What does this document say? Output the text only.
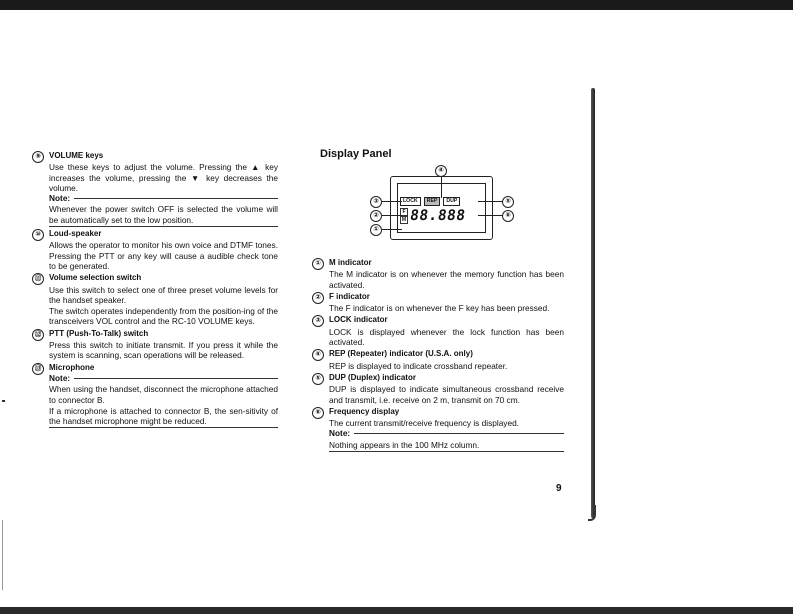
⑨	VOLUME keys
Use these keys to adjust the volume. Pressing the ▲ key increases the volume, pressing the ▼ key decreases the volume.
Note:
Whenever the power switch OFF is selected the volume will be automatically set to the low position.
⑩	Loud-speaker
Allows the operator to monitor his own voice and DTMF tones. Pressing the PTT or any key will cause a audible check tone to be generated.
⑪ Volume selection switch
Use this switch to select one of three preset volume levels for the handset speaker.
The switch operates independently from the position-ing of the transceivers VOL control and the RC-10 VOLUME keys.
⑫ PTT (Push-To-Talk) switch
Press this switch to initiate transmit. If you press it while the system is scanning, scan operations will be released.
⑬ Microphone
Note:
When using the handset, disconnect the microphone attached to connector B.
If a microphone is attached to connector B, the sen-sitivity of the handset microphone might be reduced.
Display Panel
LOCK	REP	DUP
F
M 88.888
④
③
②
①
⑤
⑥
①	M indicator
The M indicator is on whenever the memory function has been activated.
②	F indicator
The F indicator is on whenever the F key has been pressed.
③	LOCK indicator
LOCK is displayed whenever the lock function has been activated.
④	REP (Repeater) indicator (U.S.A. only)
REP is displayed to indicate crossband repeater.
⑤	DUP (Duplex) indicator
DUP is displayed to indicate simultaneous crossband receive and transmit, i.e. receive on 2 m, transmit on 70 cm.
⑥	Frequency display
The current transmit/receive frequency is displayed.
Note:
Nothing appears in the 100 MHz column.
9
